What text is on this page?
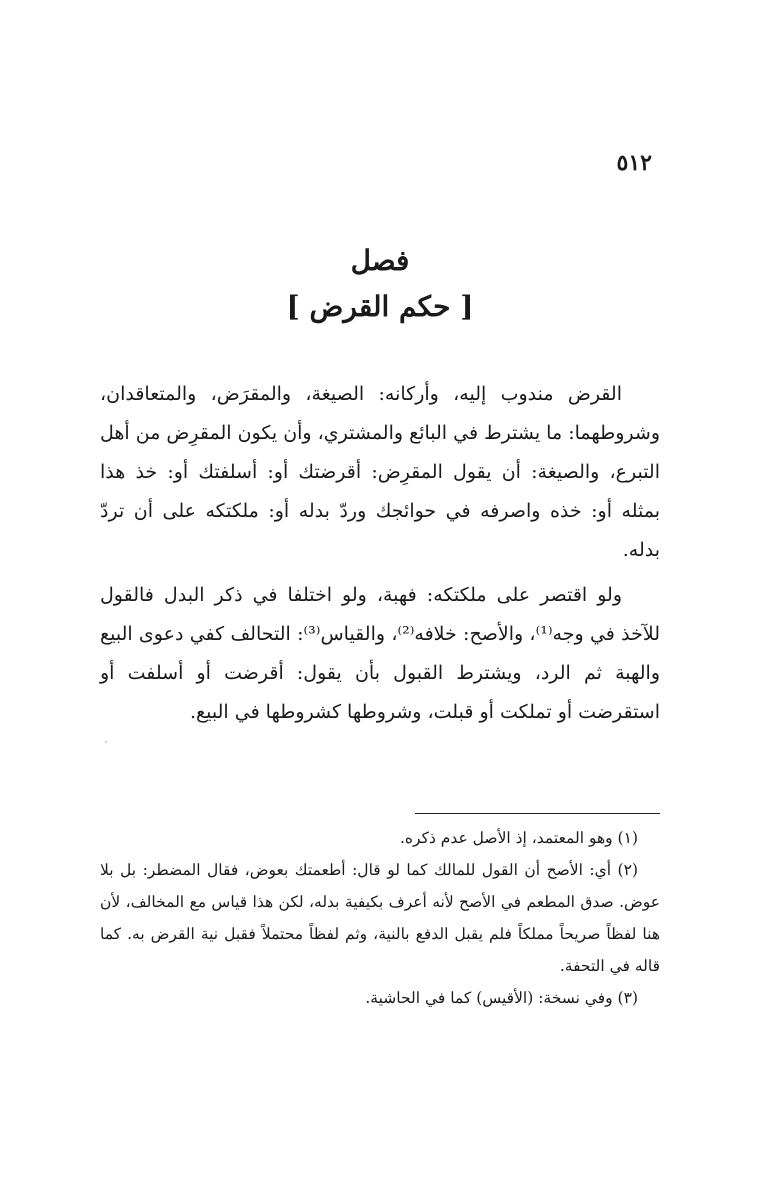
٥١٢
فصل
[ حكم القرض ]

القرض مندوب إليه، وأركانه: الصيغة، والمقرَض، والمتعاقدان، وشروطهما: ما يشترط في البائع والمشتري، وأن يكون المقرِض من أهل التبرع، والصيغة: أن يقول المقرِض: أقرضتك أو: أسلفتك أو: خذ هذا بمثله أو: خذه واصرفه في حوائجك وردّ بدله أو: ملكتكه على أن تردّ بدله.

ولو اقتصر على ملكتكه: فهبة، ولو اختلفا في ذكر البدل فالقول للآخذ في وجه⁽¹⁾، والأصح: خلافه⁽²⁾، والقياس⁽³⁾: التحالف كفي دعوى البيع والهبة ثم الرد، ويشترط القبول بأن يقول: أقرضت أو أسلفت أو استقرضت أو تملكت أو قبلت، وشروطها كشروطها في البيع.

(١) وهو المعتمد، إذ الأصل عدم ذكره.

(٢) أي: الأصح أن القول للمالك كما لو قال: أطعمتك بعوض، فقال المضطر: بل بلا عوض. صدق المطعم في الأصح لأنه أعرف بكيفية بدله، لكن هذا قياس مع المخالف، لأن هنا لفظاً صريحاً مملكاً فلم يقبل الدفع بالنية، وثم لفظاً محتملاً فقبل نية القرض به. كما قاله في التحفة.

(٣) وفي نسخة: (الأقيس) كما في الحاشية.
